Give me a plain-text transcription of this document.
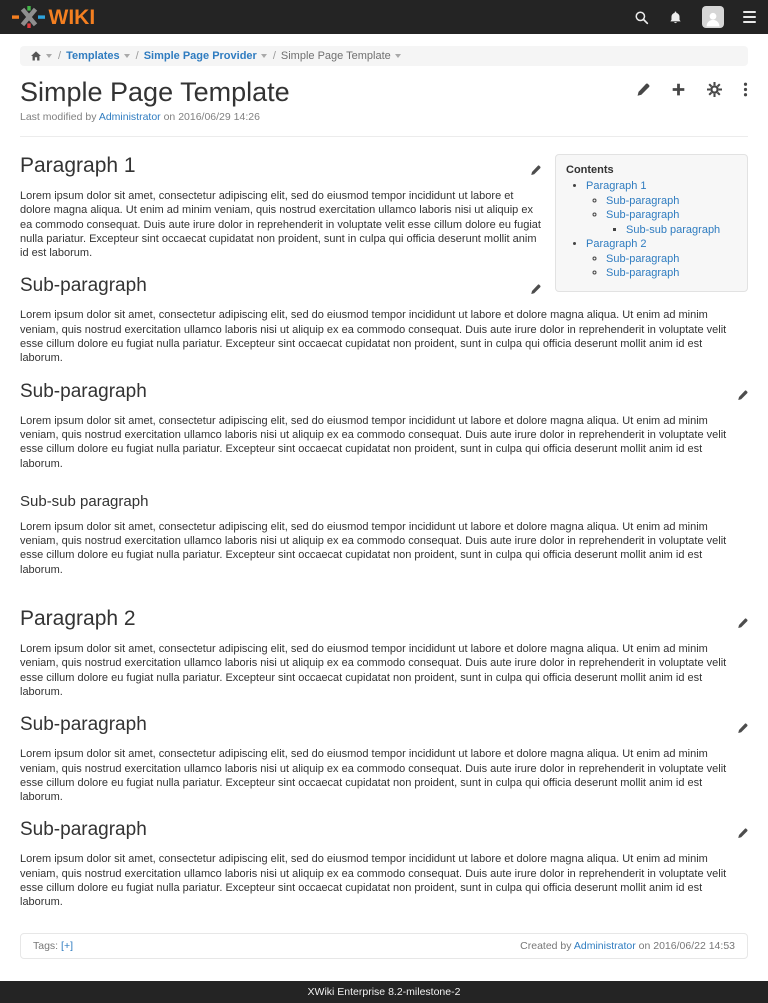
WIKI
/ Templates / Simple Page Provider / Simple Page Template
Simple Page Template
Last modified by Administrator on 2016/06/29 14:26
Contents
• Paragraph 1
◦ Sub-paragraph
◦ Sub-paragraph
▪ Sub-sub paragraph
• Paragraph 2
◦ Sub-paragraph
◦ Sub-paragraph
Paragraph 1

Lorem ipsum dolor sit amet, consectetur adipiscing elit, sed do eiusmod tempor incididunt ut labore et dolore magna aliqua. Ut enim ad minim veniam, quis nostrud exercitation ullamco laboris nisi ut aliquip ex ea commodo consequat. Duis aute irure dolor in reprehenderit in voluptate velit esse cillum dolore eu fugiat nulla pariatur. Excepteur sint occaecat cupidatat non proident, sunt in culpa qui officia deserunt mollit anim id est laborum.

Sub-paragraph

Lorem ipsum dolor sit amet, consectetur adipiscing elit, sed do eiusmod tempor incididunt ut labore et dolore magna aliqua. Ut enim ad minim veniam, quis nostrud exercitation ullamco laboris nisi ut aliquip ex ea commodo consequat. Duis aute irure dolor in reprehenderit in voluptate velit esse cillum dolore eu fugiat nulla pariatur. Excepteur sint occaecat cupidatat non proident, sunt in culpa qui officia deserunt mollit anim id est laborum.

Sub-paragraph

Lorem ipsum dolor sit amet, consectetur adipiscing elit, sed do eiusmod tempor incididunt ut labore et dolore magna aliqua. Ut enim ad minim veniam, quis nostrud exercitation ullamco laboris nisi ut aliquip ex ea commodo consequat. Duis aute irure dolor in reprehenderit in voluptate velit esse cillum dolore eu fugiat nulla pariatur. Excepteur sint occaecat cupidatat non proident, sunt in culpa qui officia deserunt mollit anim id est laborum.

Sub-sub paragraph

Lorem ipsum dolor sit amet, consectetur adipiscing elit, sed do eiusmod tempor incididunt ut labore et dolore magna aliqua. Ut enim ad minim veniam, quis nostrud exercitation ullamco laboris nisi ut aliquip ex ea commodo consequat. Duis aute irure dolor in reprehenderit in voluptate velit esse cillum dolore eu fugiat nulla pariatur. Excepteur sint occaecat cupidatat non proident, sunt in culpa qui officia deserunt mollit anim id est laborum.

Paragraph 2

Lorem ipsum dolor sit amet, consectetur adipiscing elit, sed do eiusmod tempor incididunt ut labore et dolore magna aliqua. Ut enim ad minim veniam, quis nostrud exercitation ullamco laboris nisi ut aliquip ex ea commodo consequat. Duis aute irure dolor in reprehenderit in voluptate velit esse cillum dolore eu fugiat nulla pariatur. Excepteur sint occaecat cupidatat non proident, sunt in culpa qui officia deserunt mollit anim id est laborum.

Sub-paragraph

Lorem ipsum dolor sit amet, consectetur adipiscing elit, sed do eiusmod tempor incididunt ut labore et dolore magna aliqua. Ut enim ad minim veniam, quis nostrud exercitation ullamco laboris nisi ut aliquip ex ea commodo consequat. Duis aute irure dolor in reprehenderit in voluptate velit esse cillum dolore eu fugiat nulla pariatur. Excepteur sint occaecat cupidatat non proident, sunt in culpa qui officia deserunt mollit anim id est laborum.

Sub-paragraph

Lorem ipsum dolor sit amet, consectetur adipiscing elit, sed do eiusmod tempor incididunt ut labore et dolore magna aliqua. Ut enim ad minim veniam, quis nostrud exercitation ullamco laboris nisi ut aliquip ex ea commodo consequat. Duis aute irure dolor in reprehenderit in voluptate velit esse cillum dolore eu fugiat nulla pariatur. Excepteur sint occaecat cupidatat non proident, sunt in culpa qui officia deserunt mollit anim id est laborum.

Tags: [+]	Created by Administrator on 2016/06/22 14:53
XWiki Enterprise 8.2-milestone-2
